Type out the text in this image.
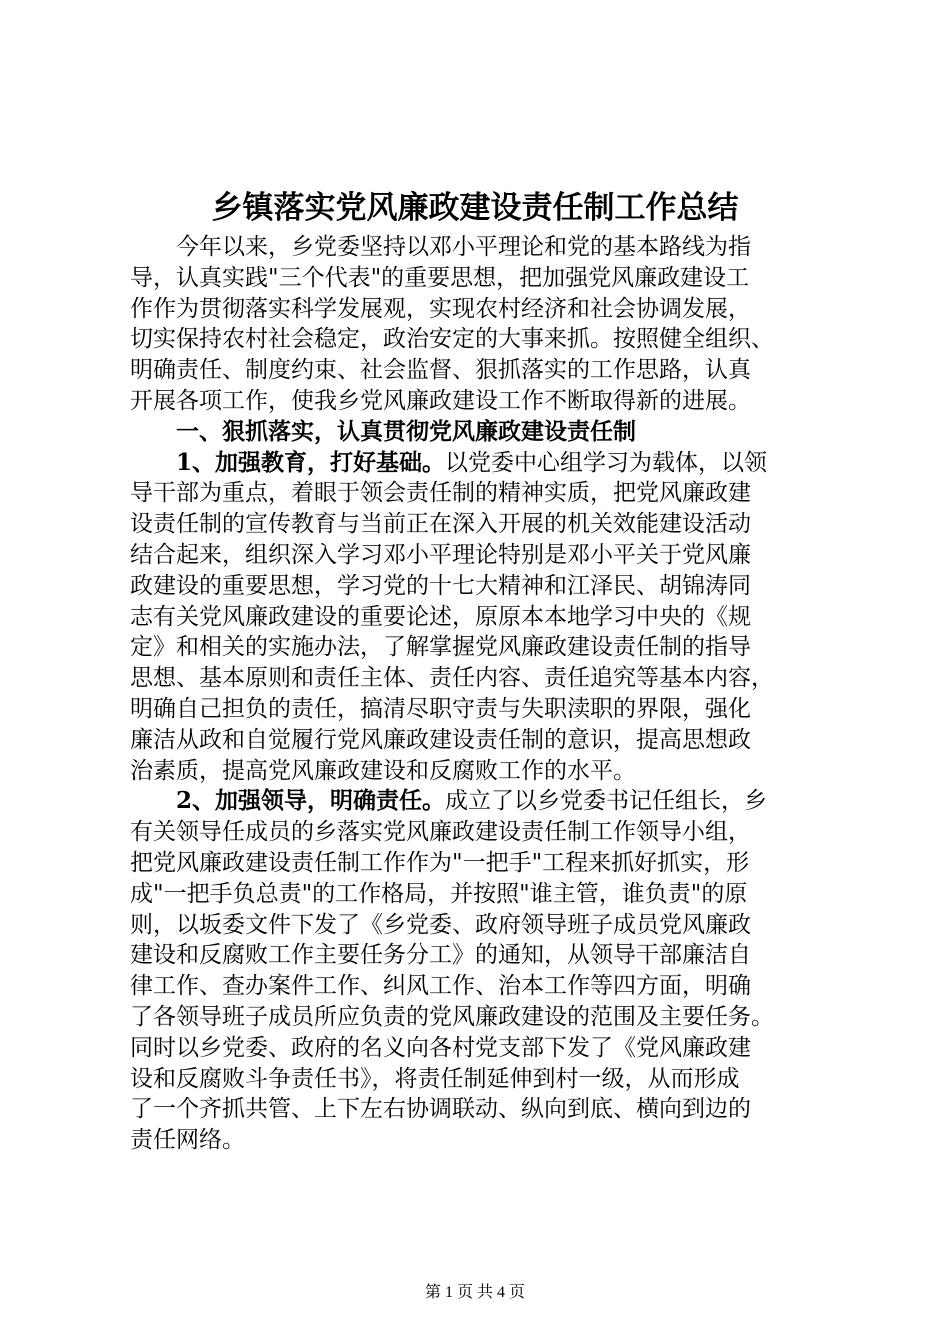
乡镇落实党风廉政建设责任制工作总结
今年以来，乡党委坚持以邓小平理论和党的基本路线为指
导，认真实践"三个代表"的重要思想，把加强党风廉政建设工
作作为贯彻落实科学发展观，实现农村经济和社会协调发展，
切实保持农村社会稳定，政治安定的大事来抓。按照健全组织、
明确责任、制度约束、社会监督、狠抓落实的工作思路，认真
开展各项工作，使我乡党风廉政建设工作不断取得新的进展。
一、狠抓落实，认真贯彻党风廉政建设责任制
1、加强教育，打好基础。以党委中心组学习为载体，以领
导干部为重点，着眼于领会责任制的精神实质，把党风廉政建
设责任制的宣传教育与当前正在深入开展的机关效能建设活动
结合起来，组织深入学习邓小平理论特别是邓小平关于党风廉
政建设的重要思想，学习党的十七大精神和江泽民、胡锦涛同
志有关党风廉政建设的重要论述，原原本本地学习中央的《规
定》和相关的实施办法，了解掌握党风廉政建设责任制的指导
思想、基本原则和责任主体、责任内容、责任追究等基本内容，
明确自己担负的责任，搞清尽职守责与失职渎职的界限，强化
廉洁从政和自觉履行党风廉政建设责任制的意识，提高思想政
治素质，提高党风廉政建设和反腐败工作的水平。
2、加强领导，明确责任。成立了以乡党委书记任组长，乡
有关领导任成员的乡落实党风廉政建设责任制工作领导小组，
把党风廉政建设责任制工作作为"一把手"工程来抓好抓实，形
成"一把手负总责"的工作格局，并按照"谁主管，谁负责"的原
则，以坂委文件下发了《乡党委、政府领导班子成员党风廉政
建设和反腐败工作主要任务分工》的通知，从领导干部廉洁自
律工作、查办案件工作、纠风工作、治本工作等四方面，明确
了各领导班子成员所应负责的党风廉政建设的范围及主要任务。
同时以乡党委、政府的名义向各村党支部下发了《党风廉政建
设和反腐败斗争责任书》，将责任制延伸到村一级，从而形成
了一个齐抓共管、上下左右协调联动、纵向到底、横向到边的
责任网络。
第 1 页 共 4 页
